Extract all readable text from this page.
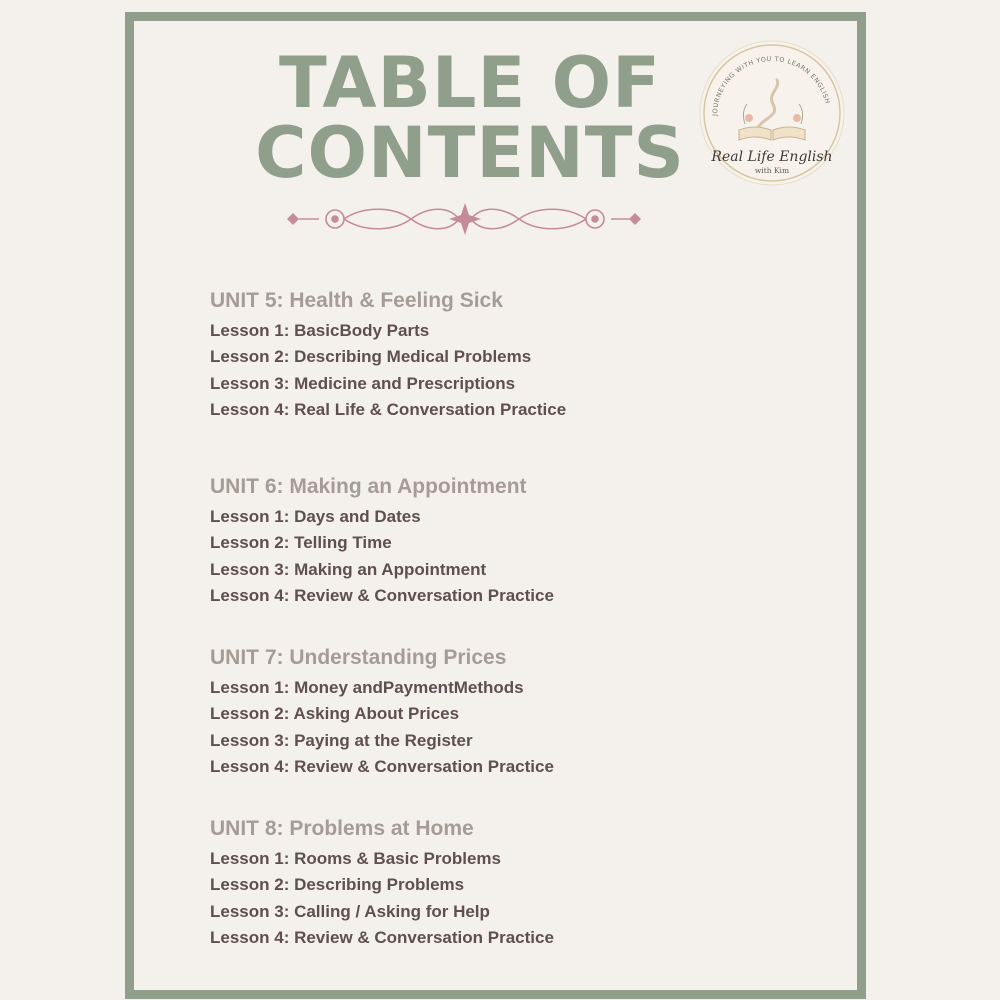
TABLE OF
CONTENTS	JOURNEYING WITH YOU TO LEARN ENGLISH
Real Life English
with Kim
UNIT 5: Health & Feeling Sick
Lesson 1: BasicBody Parts
Lesson 2: Describing Medical Problems
Lesson 3: Medicine and Prescriptions
Lesson 4: Real Life & Conversation Practice
UNIT 6: Making an Appointment
Lesson 1: Days and Dates
Lesson 2: Telling Time
Lesson 3: Making an Appointment
Lesson 4: Review & Conversation Practice
UNIT 7: Understanding Prices
Lesson 1: Money andPaymentMethods
Lesson 2: Asking About Prices
Lesson 3: Paying at the Register
Lesson 4: Review & Conversation Practice
UNIT 8: Problems at Home
Lesson 1: Rooms & Basic Problems
Lesson 2: Describing Problems
Lesson 3: Calling / Asking for Help
Lesson 4: Review & Conversation Practice
